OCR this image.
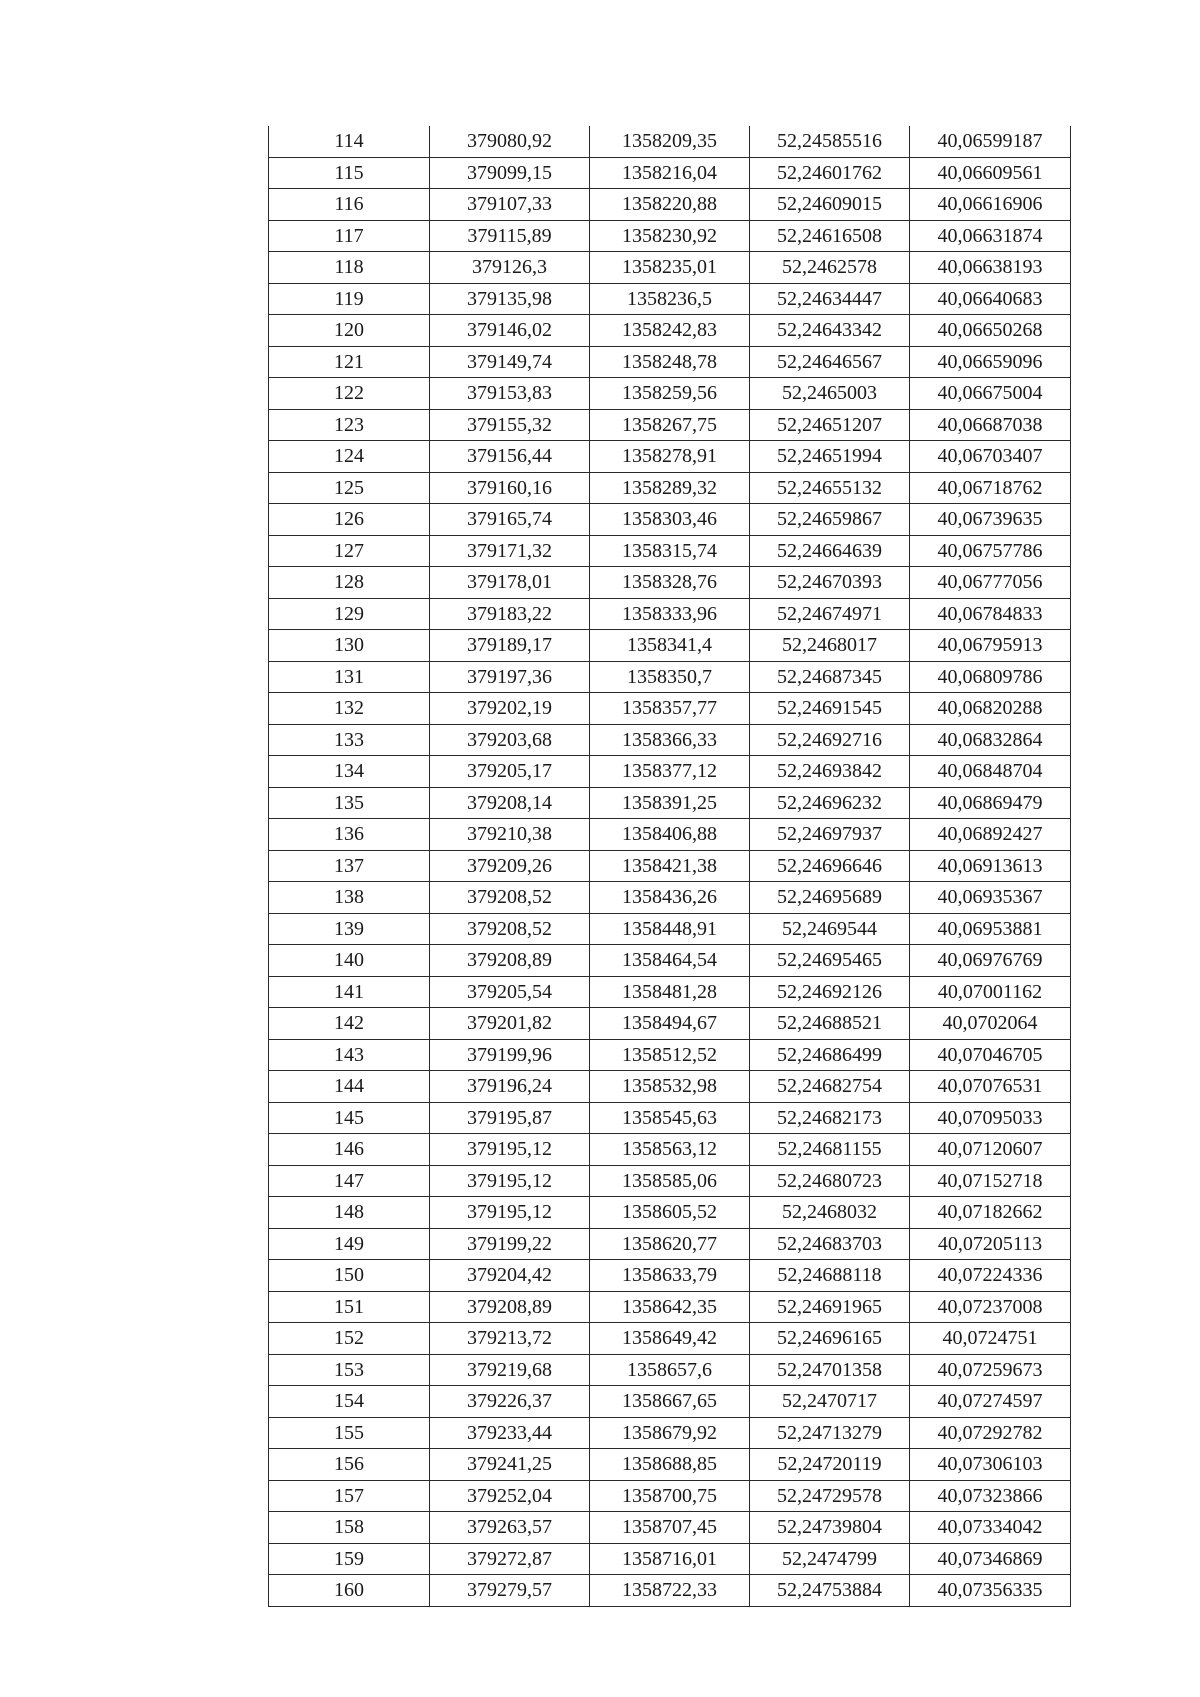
114	379080,92	1358209,35	52,24585516	40,06599187
115	379099,15	1358216,04	52,24601762	40,06609561
116	379107,33	1358220,88	52,24609015	40,06616906
117	379115,89	1358230,92	52,24616508	40,06631874
118	379126,3	1358235,01	52,2462578	40,06638193
119	379135,98	1358236,5	52,24634447	40,06640683
120	379146,02	1358242,83	52,24643342	40,06650268
121	379149,74	1358248,78	52,24646567	40,06659096
122	379153,83	1358259,56	52,2465003	40,06675004
123	379155,32	1358267,75	52,24651207	40,06687038
124	379156,44	1358278,91	52,24651994	40,06703407
125	379160,16	1358289,32	52,24655132	40,06718762
126	379165,74	1358303,46	52,24659867	40,06739635
127	379171,32	1358315,74	52,24664639	40,06757786
128	379178,01	1358328,76	52,24670393	40,06777056
129	379183,22	1358333,96	52,24674971	40,06784833
130	379189,17	1358341,4	52,2468017	40,06795913
131	379197,36	1358350,7	52,24687345	40,06809786
132	379202,19	1358357,77	52,24691545	40,06820288
133	379203,68	1358366,33	52,24692716	40,06832864
134	379205,17	1358377,12	52,24693842	40,06848704
135	379208,14	1358391,25	52,24696232	40,06869479
136	379210,38	1358406,88	52,24697937	40,06892427
137	379209,26	1358421,38	52,24696646	40,06913613
138	379208,52	1358436,26	52,24695689	40,06935367
139	379208,52	1358448,91	52,2469544	40,06953881
140	379208,89	1358464,54	52,24695465	40,06976769
141	379205,54	1358481,28	52,24692126	40,07001162
142	379201,82	1358494,67	52,24688521	40,0702064
143	379199,96	1358512,52	52,24686499	40,07046705
144	379196,24	1358532,98	52,24682754	40,07076531
145	379195,87	1358545,63	52,24682173	40,07095033
146	379195,12	1358563,12	52,24681155	40,07120607
147	379195,12	1358585,06	52,24680723	40,07152718
148	379195,12	1358605,52	52,2468032	40,07182662
149	379199,22	1358620,77	52,24683703	40,07205113
150	379204,42	1358633,79	52,24688118	40,07224336
151	379208,89	1358642,35	52,24691965	40,07237008
152	379213,72	1358649,42	52,24696165	40,0724751
153	379219,68	1358657,6	52,24701358	40,07259673
154	379226,37	1358667,65	52,2470717	40,07274597
155	379233,44	1358679,92	52,24713279	40,07292782
156	379241,25	1358688,85	52,24720119	40,07306103
157	379252,04	1358700,75	52,24729578	40,07323866
158	379263,57	1358707,45	52,24739804	40,07334042
159	379272,87	1358716,01	52,2474799	40,07346869
160	379279,57	1358722,33	52,24753884	40,07356335
